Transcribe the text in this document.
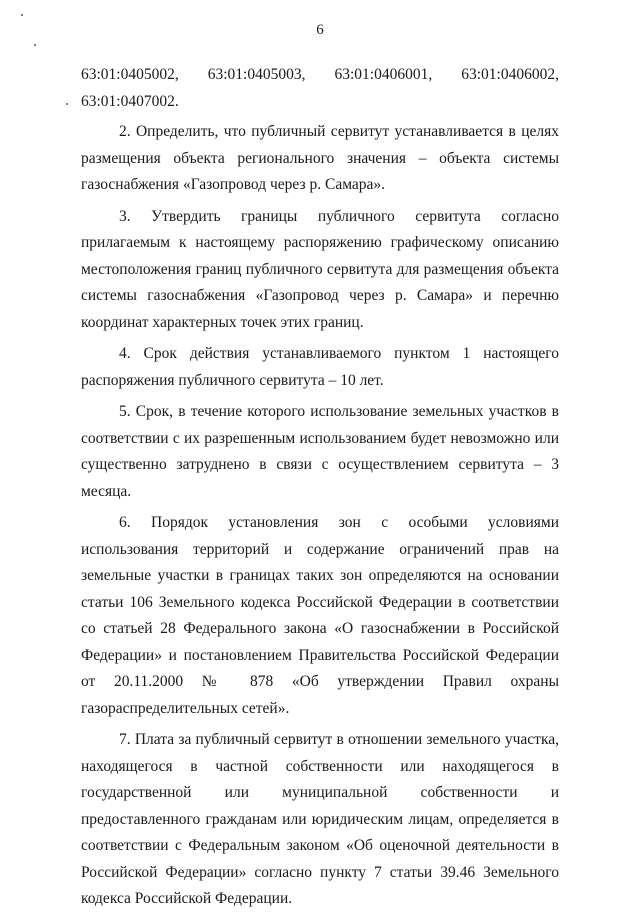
6
63:01:0405002, 63:01:0405003, 63:01:0406001, 63:01:0406002,
63:01:0407002.

2. Определить, что публичный сервитут устанавливается в целях размещения объекта регионального значения – объекта системы газоснабжения «Газопровод через р. Самара».

3. Утвердить границы публичного сервитута согласно прилагаемым к настоящему распоряжению графическому описанию местоположения границ публичного сервитута для размещения объекта системы газоснабжения «Газопровод через р. Самара» и перечню координат характерных точек этих границ.

4. Срок действия устанавливаемого пунктом 1 настоящего распоряжения публичного сервитута – 10 лет.

5. Срок, в течение которого использование земельных участков в соответствии с их разрешенным использованием будет невозможно или существенно затруднено в связи с осуществлением сервитута – 3 месяца.

6. Порядок установления зон с особыми условиями использования территорий и содержание ограничений прав на земельные участки в границах таких зон определяются на основании статьи 106 Земельного кодекса Российской Федерации в соответствии со статьей 28 Федерального закона «О газоснабжении в Российской Федерации» и постановлением Правительства Российской Федерации от 20.11.2000 № 878 «Об утверждении Правил охраны газораспределительных сетей».

7. Плата за публичный сервитут в отношении земельного участка, находящегося в частной собственности или находящегося в государственной или муниципальной собственности и предоставленного гражданам или юридическим лицам, определяется в соответствии с Федеральным законом «Об оценочной деятельности в Российской Федерации» согласно пункту 7 статьи 39.46 Земельного кодекса Российской Федерации.
